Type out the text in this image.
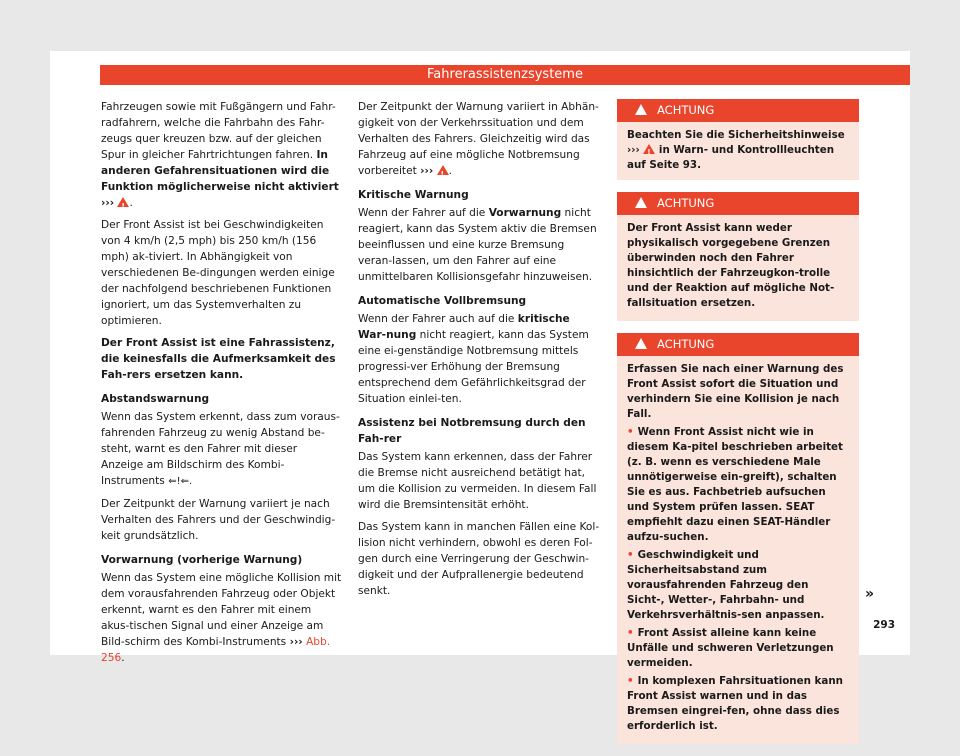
Fahrerassistenzsysteme

Fahrzeugen sowie mit Fußgängern und Fahr-radfahrern, welche die Fahrbahn des Fahr-zeugs quer kreuzen bzw. auf der gleichen Spur in gleicher Fahrtrichtungen fahren. In anderen Gefahrensituationen wird die Funktion möglicherweise nicht aktiviert ››› ! .

Der Front Assist ist bei Geschwindigkeiten von 4 km/h (2,5 mph) bis 250 km/h (156 mph) ak-tiviert. In Abhängigkeit von verschiedenen Be-dingungen werden einige der nachfolgend beschriebenen Funktionen ignoriert, um das Systemverhalten zu optimieren.

Der Front Assist ist eine Fahrassistenz, die keinesfalls die Aufmerksamkeit des Fah-rers ersetzen kann.

Abstandswarnung

Wenn das System erkennt, dass zum voraus-fahrenden Fahrzeug zu wenig Abstand be-steht, warnt es den Fahrer mit dieser Anzeige am Bildschirm des Kombi-Instruments ⇐!⇐.

Der Zeitpunkt der Warnung variiert je nach Verhalten des Fahrers und der Geschwindig-keit grundsätzlich.

Vorwarnung (vorherige Warnung)

Wenn das System eine mögliche Kollision mit dem vorausfahrenden Fahrzeug oder Objekt erkennt, warnt es den Fahrer mit einem akus-tischen Signal und einer Anzeige am Bild-schirm des Kombi-Instruments ››› Abb. 256.

Der Zeitpunkt der Warnung variiert in Abhän-gigkeit von der Verkehrssituation und dem Verhalten des Fahrers. Gleichzeitig wird das Fahrzeug auf eine mögliche Notbremsung vorbereitet ››› ! .

Kritische Warnung

Wenn der Fahrer auf die Vorwarnung nicht reagiert, kann das System aktiv die Bremsen beeinflussen und eine kurze Bremsung veran-lassen, um den Fahrer auf eine unmittelbaren Kollisionsgefahr hinzuweisen.

Automatische Vollbremsung

Wenn der Fahrer auch auf die kritische War-nung nicht reagiert, kann das System eine ei-genständige Notbremsung mittels progressi-ver Erhöhung der Bremsung entsprechend dem Gefährlichkeitsgrad der Situation einlei-ten.

Assistenz bei Notbremsung durch den Fah-rer

Das System kann erkennen, dass der Fahrer die Bremse nicht ausreichend betätigt hat, um die Kollision zu vermeiden. In diesem Fall wird die Bremsintensität erhöht.

Das System kann in manchen Fällen eine Kol-lision nicht verhindern, obwohl es deren Fol-gen durch eine Verringerung der Geschwin-digkeit und der Aufprallenergie bedeutend senkt.

ACHTUNG
Beachten Sie die Sicherheitshinweise ››› ! in Warn- und Kontrollleuchten auf Seite 93.
ACHTUNG

Der Front Assist kann weder physikalisch vorgegebene Grenzen überwinden noch den Fahrer hinsichtlich der Fahrzeugkon-trolle und der Reaktion auf mögliche Not-fallsituation ersetzen.

ACHTUNG

Erfassen Sie nach einer Warnung des Front Assist sofort die Situation und verhindern Sie eine Kollision je nach Fall.

• Wenn Front Assist nicht wie in diesem Ka-pitel beschrieben arbeitet (z. B. wenn es verschiedene Male unnötigerweise ein-greift), schalten Sie es aus. Fachbetrieb aufsuchen und System prüfen lassen. SEAT empfiehlt dazu einen SEAT-Händler aufzu-suchen.

• Geschwindigkeit und Sicherheitsabstand zum vorausfahrenden Fahrzeug den Sicht-, Wetter-, Fahrbahn- und Verkehrsverhältnis-sen anpassen.

• Front Assist alleine kann keine Unfälle und schweren Verletzungen vermeiden.

• In komplexen Fahrsituationen kann Front Assist warnen und in das Bremsen eingrei-fen, ohne dass dies erforderlich ist.

»
293
